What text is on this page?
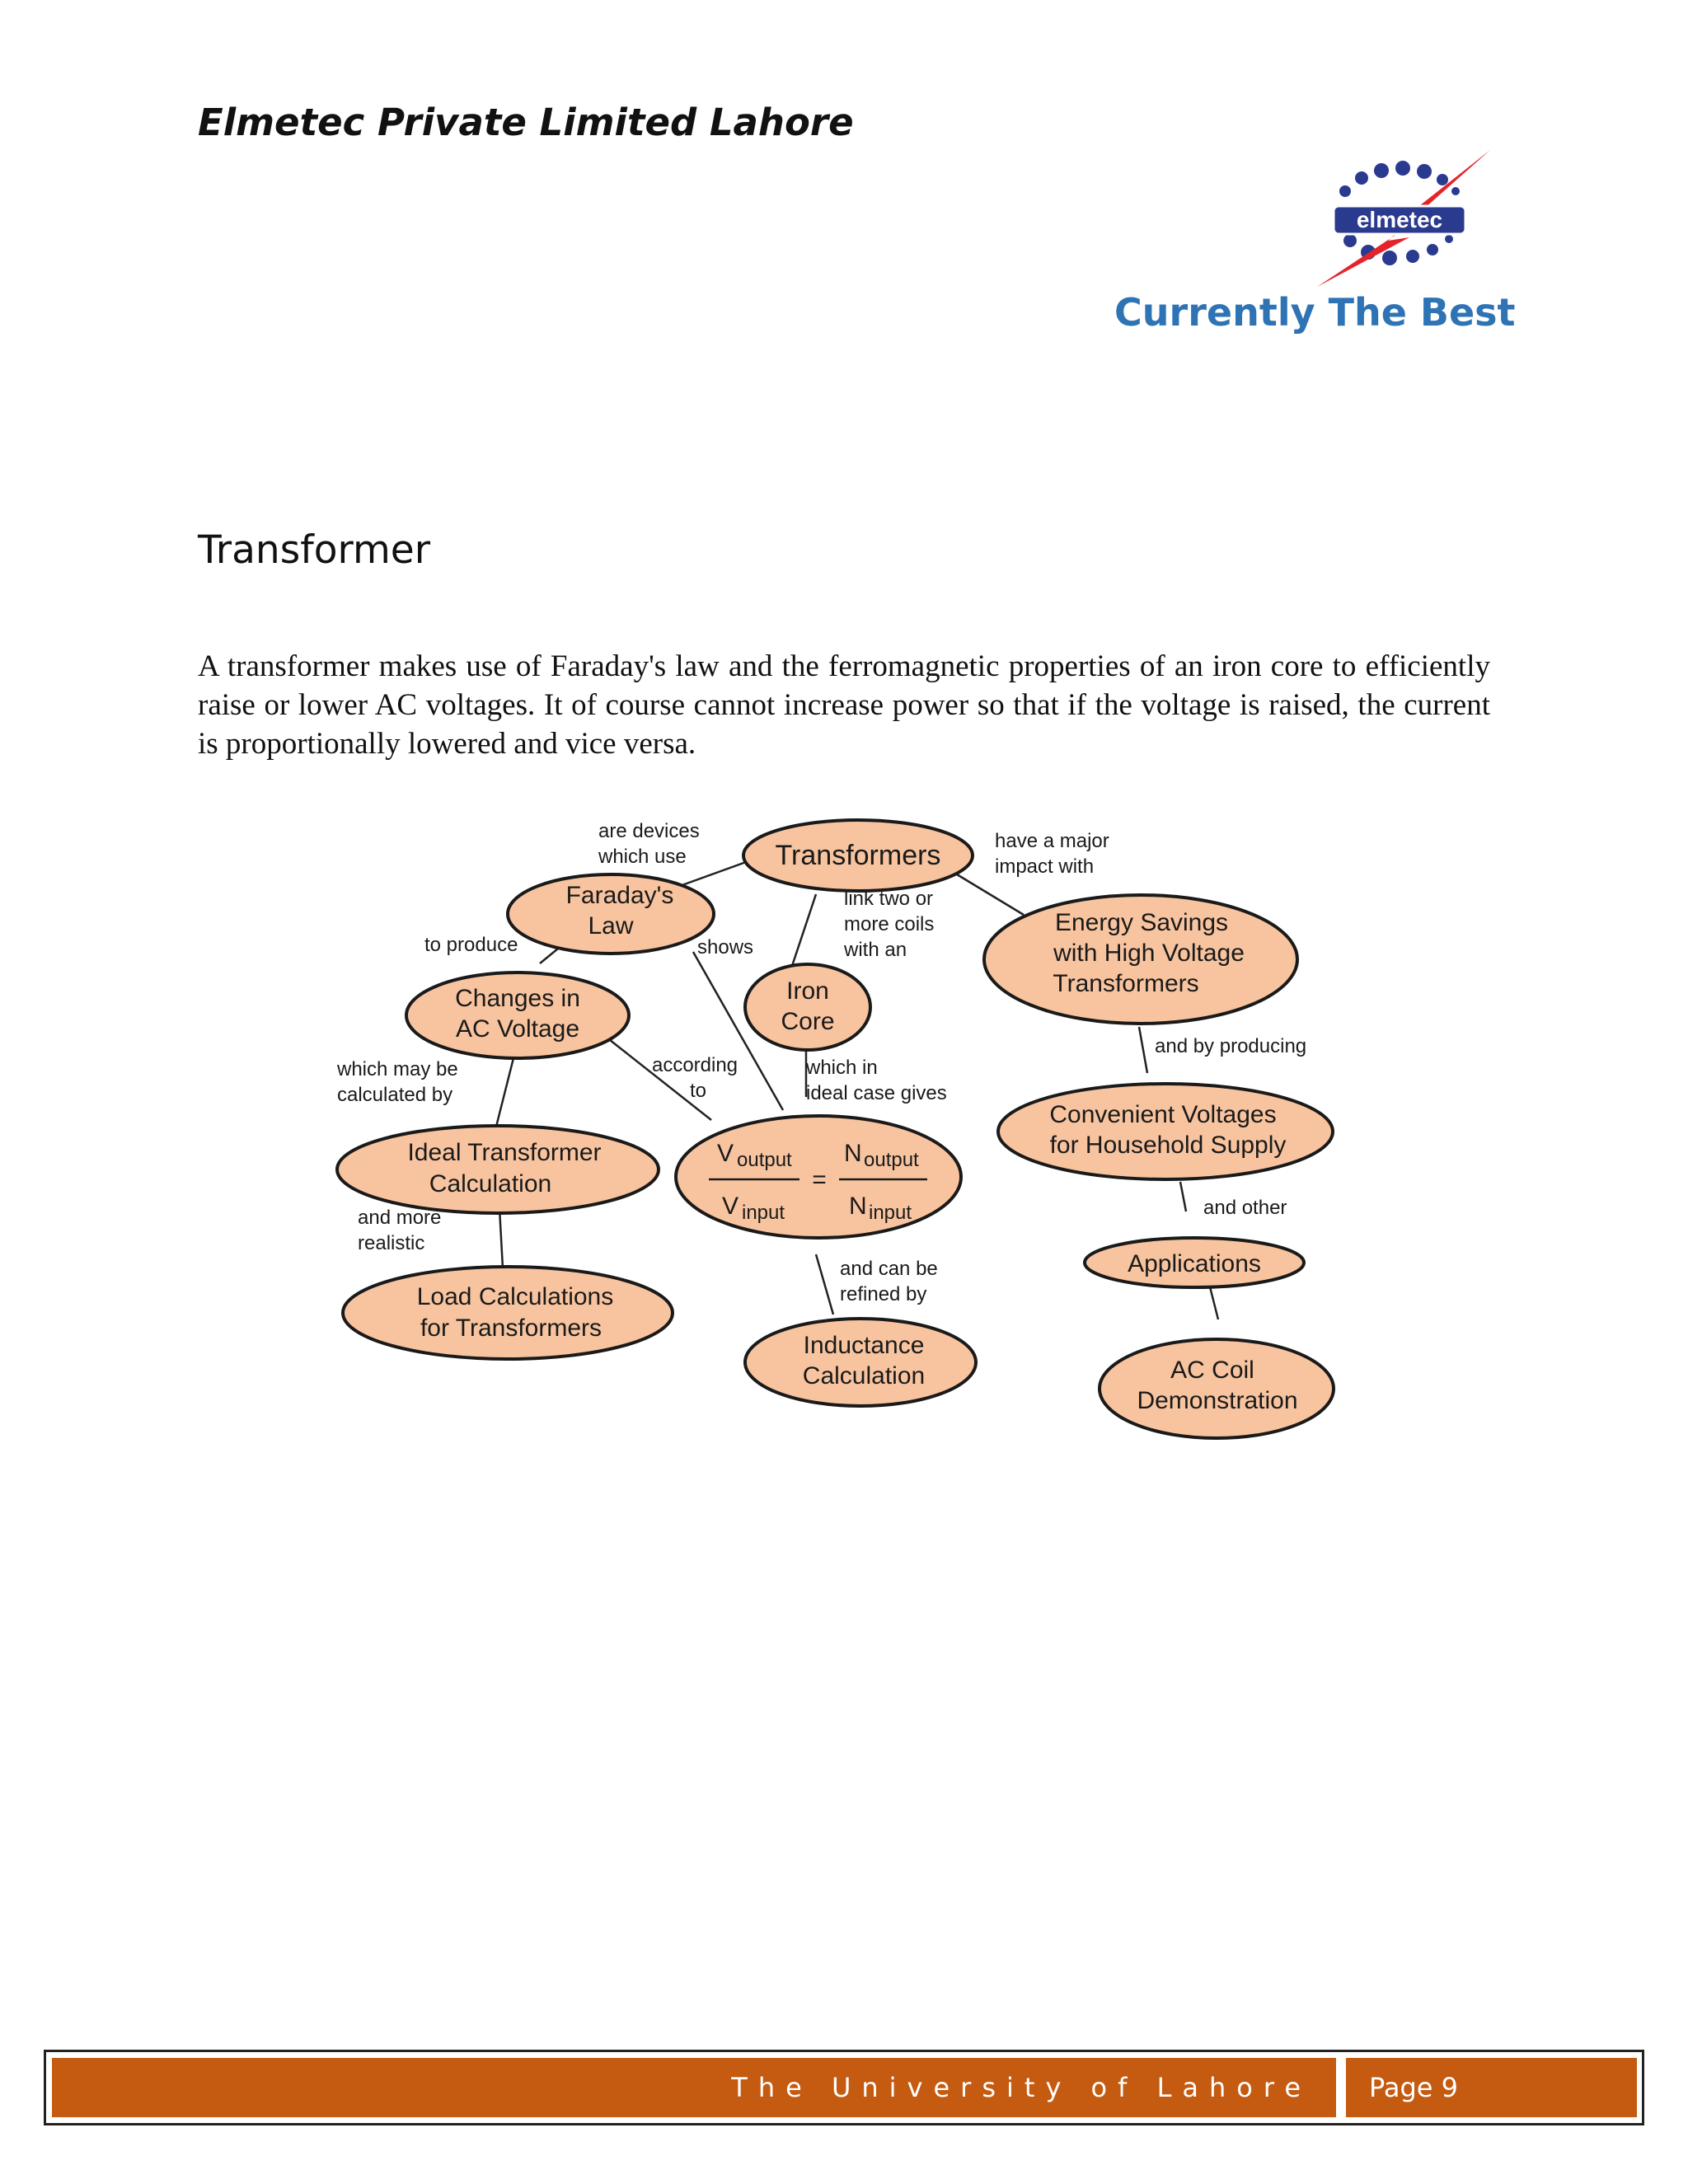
Elmetec Private Limited Lahore
elmetec
Currently The Best
Transformer

A transformer makes use of Faraday's law and the ferromagnetic properties of an iron core to efficiently raise or lower AC voltages. It of course cannot increase power so that if the voltage is raised, the current is proportionally lowered and vice versa.

Transformers
Faraday's
Law
Changes in
AC Voltage
Iron
Core
Energy Savings
with High Voltage
Transformers
Ideal Transformer
Calculation
Load Calculations
for Transformers
Inductance
Calculation
Convenient Voltages
for Household Supply
Applications
AC Coil
Demonstration
V output
V input
=
N output
N input
are devices
which use
have a major
impact with
link two or
more coils
with an
to produce	shows
and by producing
which may be
calculated by
according
to
which in
ideal case gives
and other
and more
realistic
and can be
refined by
The University of Lahore Page 9
